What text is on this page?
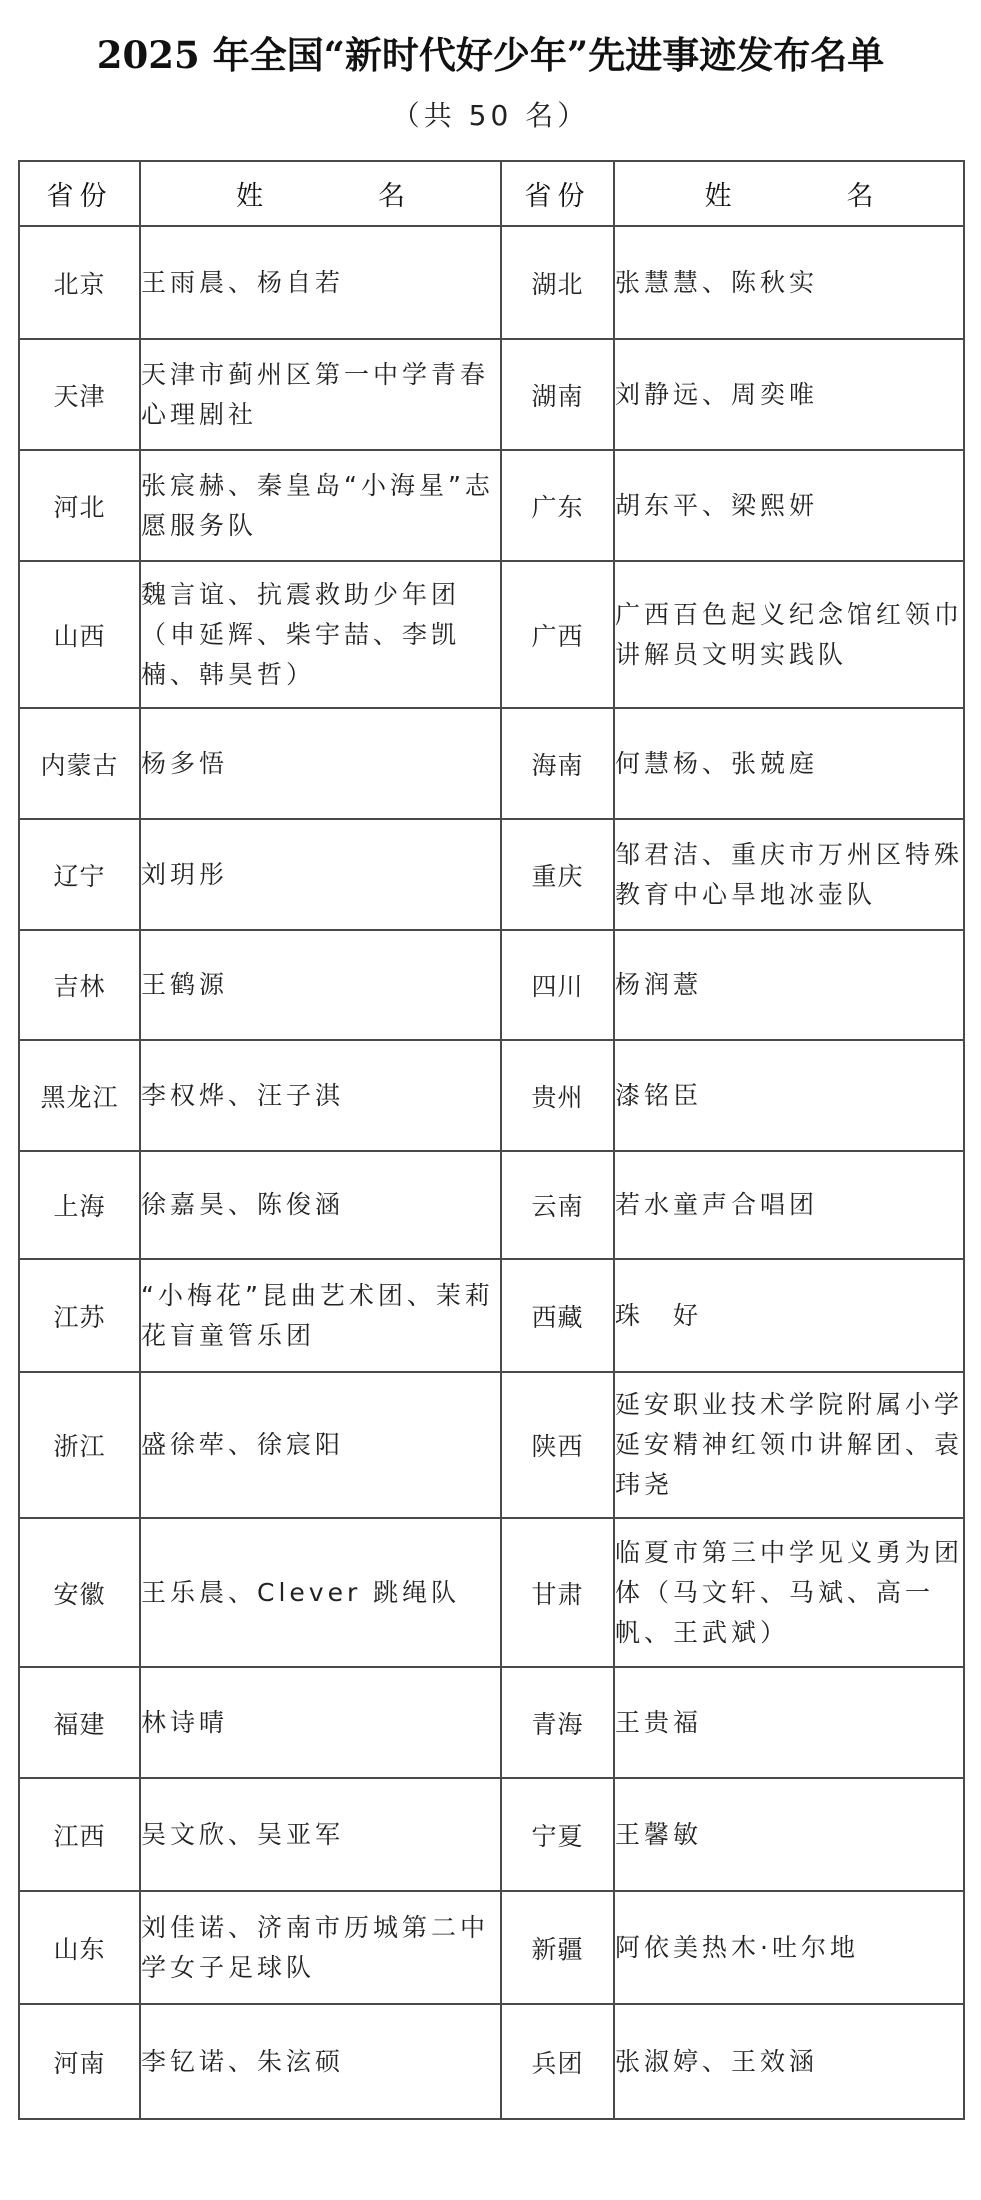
2025 年全国“新时代好少年”先进事迹发布名单
（共 50 名）
省份	姓　名	省份	姓　名
北京	王雨晨、杨自若	湖北	张慧慧、陈秋实
天津	天津市蓟州区第一中学青春心理剧社	湖南	刘静远、周奕唯
河北	张宸赫、秦皇岛“小海星”志愿服务队	广东	胡东平、梁熙妍
山西	魏言谊、抗震救助少年团（申延辉、柴宇喆、李凯楠、韩昊哲）	广西	广西百色起义纪念馆红领巾讲解员文明实践队
内蒙古	杨多悟	海南	何慧杨、张兢庭
辽宁	刘玥彤	重庆	邹君洁、重庆市万州区特殊教育中心旱地冰壶队
吉林	王鹤源	四川	杨润薏
黑龙江	李权烨、汪子淇	贵州	漆铭臣
上海	徐嘉昊、陈俊涵	云南	若水童声合唱团
江苏	“小梅花”昆曲艺术团、茉莉花盲童管乐团	西藏	珠　好
浙江	盛徐荦、徐宸阳	陕西	延安职业技术学院附属小学延安精神红领巾讲解团、袁玮尧
安徽	王乐晨、Clever 跳绳队	甘肃	临夏市第三中学见义勇为团体（马文轩、马斌、高一帆、王武斌）
福建	林诗晴	青海	王贵福
江西	吴文欣、吴亚军	宁夏	王馨敏
山东	刘佳诺、济南市历城第二中学女子足球队	新疆	阿依美热木·吐尔地
河南	李钇诺、朱泫硕	兵团	张淑婷、王效涵
